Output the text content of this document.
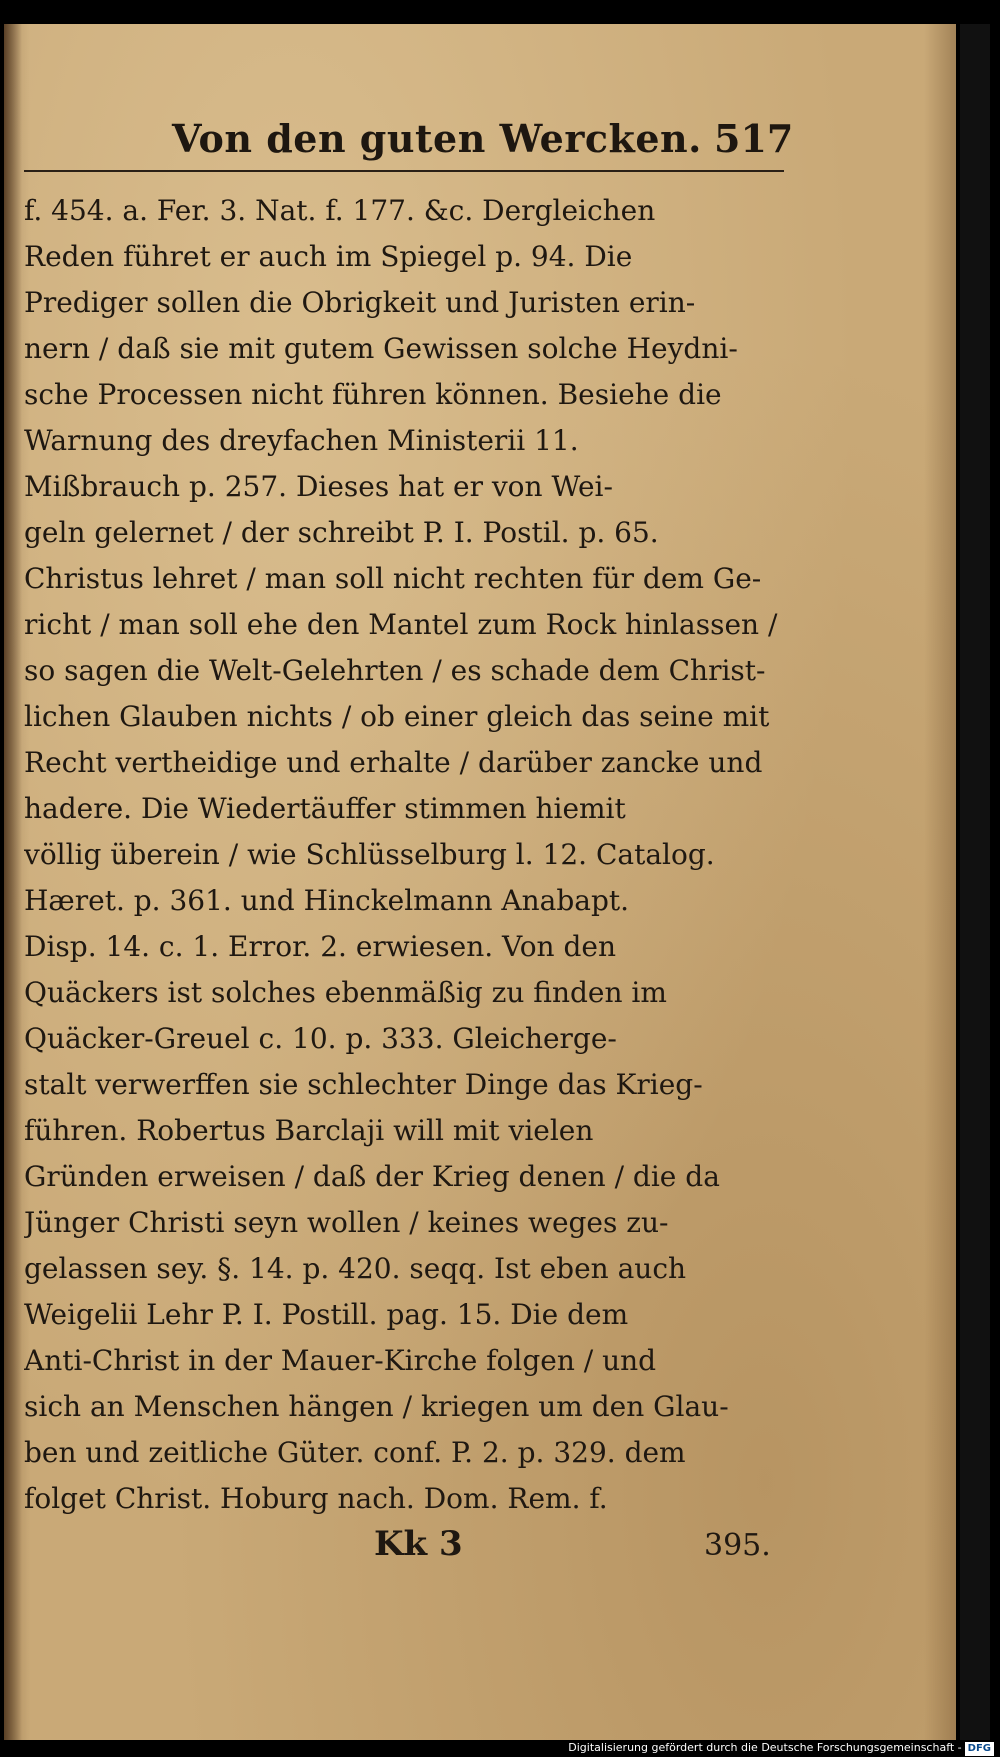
Von den guten Wercken. 517
f. 454. a. Fer. 3. Nat. f. 177. &c. Dergleichen
Reden führet er auch im Spiegel p. 94. Die
Prediger sollen die Obrigkeit und Juristen erin-
nern / daß sie mit gutem Gewissen solche Heydni-
sche Processen nicht führen können. Besiehe die
Warnung des dreyfachen Ministerii 11.
Mißbrauch p. 257. Dieses hat er von Wei-
geln gelernet / der schreibt P. I. Postil. p. 65.
Christus lehret / man soll nicht rechten für dem Ge-
richt / man soll ehe den Mantel zum Rock hinlassen /
so sagen die Welt-Gelehrten / es schade dem Christ-
lichen Glauben nichts / ob einer gleich das seine mit
Recht vertheidige und erhalte / darüber zancke und
hadere. Die Wiedertäuffer stimmen hiemit
völlig überein / wie Schlüsselburg l. 12. Catalog.
Hæret. p. 361. und Hinckelmann Anabapt.
Disp. 14. c. 1. Error. 2. erwiesen. Von den
Quäckers ist solches ebenmäßig zu finden im
Quäcker-Greuel c. 10. p. 333. Gleicherge-
stalt verwerffen sie schlechter Dinge das Krieg-
führen. Robertus Barclaji will mit vielen
Gründen erweisen / daß der Krieg denen / die da
Jünger Christi seyn wollen / keines weges zu-
gelassen sey. §. 14. p. 420. seqq. Ist eben auch
Weigelii Lehr P. I. Postill. pag. 15. Die dem
Anti-Christ in der Mauer-Kirche folgen / und
sich an Menschen hängen / kriegen um den Glau-
ben und zeitliche Güter. conf. P. 2. p. 329. dem
folget Christ. Hoburg nach. Dom. Rem. f.
Kk 3	395.
Digitalisierung gefördert durch die Deutsche Forschungsgemeinschaft - DFG
